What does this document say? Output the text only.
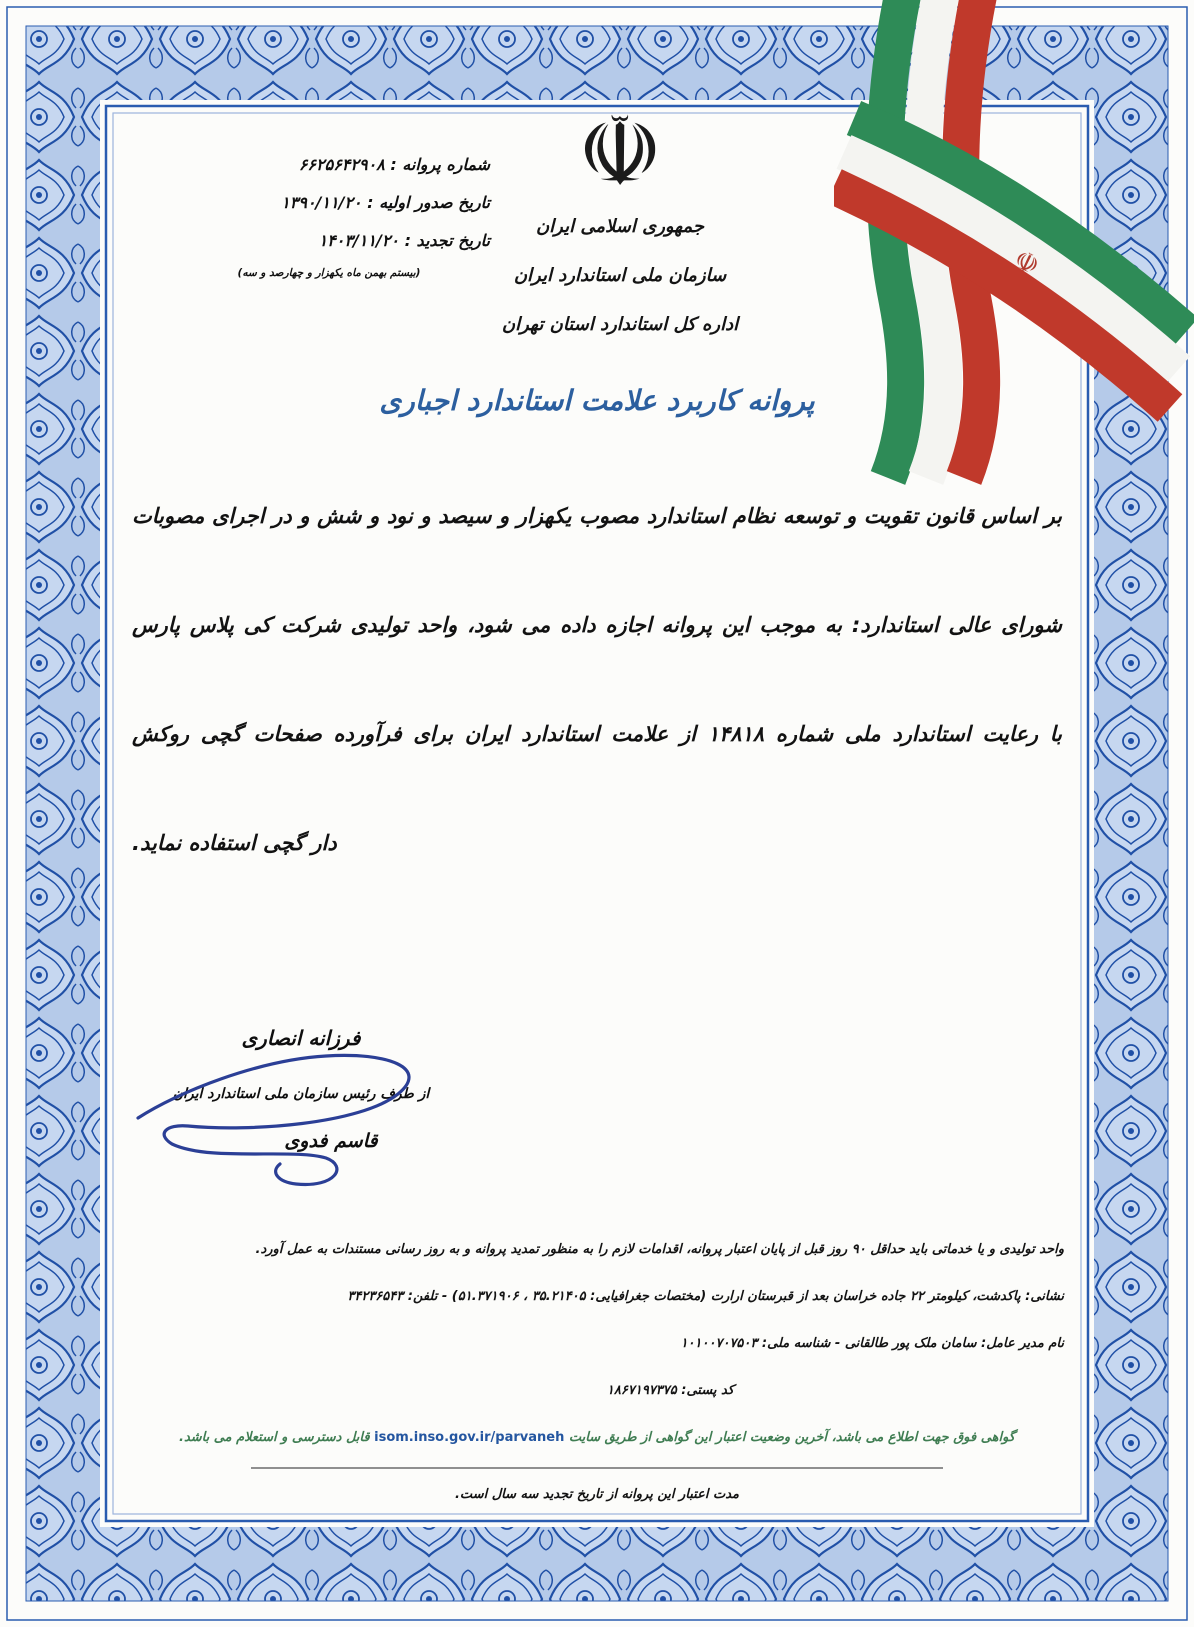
☫
شماره پروانه : ۶۶۲۵۶۴۲۹۰۸
تاریخ صدور اولیه : ۱۳۹۰/۱۱/۲۰
تاریخ تجدید : ۱۴۰۳/۱۱/۲۰
(بیستم بهمن ماه یکهزار و چهارصد و سه)
☫
جمهوری اسلامی ایران
سازمان ملی استاندارد ایران
اداره کل استاندارد استان تهران
پروانه کاربرد علامت استاندارد اجباری
بر اساس قانون تقویت و توسعه نظام استاندارد مصوب یکهزار و سیصد و نود و شش و در اجرای مصوبات
شورای عالی استاندارد: به موجب این پروانه اجازه داده می شود، واحد تولیدی شرکت کی پلاس پارس
با رعایت استاندارد ملی شماره ۱۴۸۱۸ از علامت استاندارد ایران برای فرآورده صفحات گچی روکش
دار گچی استفاده نماید.
فرزانه انصاری
از طرف رئیس سازمان ملی استاندارد ایران
قاسم فدوی
واحد تولیدی و یا خدماتی باید حداقل ۹۰ روز قبل از پایان اعتبار پروانه، اقدامات لازم را به منظور تمدید پروانه و به روز رسانی مستندات به عمل آورد.
نشانی: پاکدشت، کیلومتر ۲۲ جاده خراسان بعد از قبرستان ارارت (مختصات جغرافیایی: ۳۵.۲۱۴۰۵ ، ۵۱.۳۷۱۹۰۶) - تلفن: ۳۴۲۳۶۵۴۳
نام مدیر عامل: سامان ملک پور طالقانی - شناسه ملی: ۱۰۱۰۰۷۰۷۵۰۳
کد پستی: ۱۸۶۷۱۹۷۳۷۵
گواهی فوق جهت اطلاع می باشد، آخرین وضعیت اعتبار این گواهی از طریق سایت isom.inso.gov.ir/parvaneh قابل دسترسی و استعلام می باشد.
مدت اعتبار این پروانه از تاریخ تجدید سه سال است.
